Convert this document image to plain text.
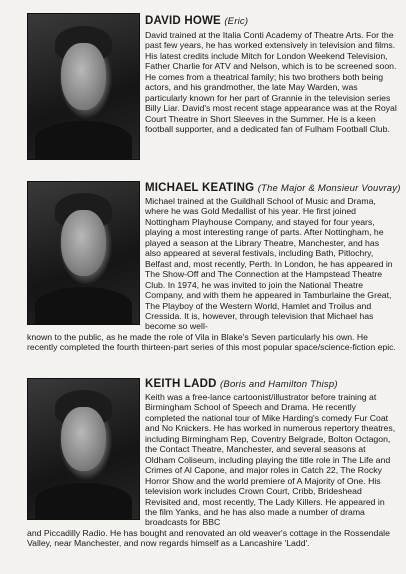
DAVID HOWE (Eric)

David trained at the Italia Conti Academy of Theatre Arts. For the past few years, he has worked extensively in television and films. His latest credits include Mitch for London Weekend Television, Father Charlie for ATV and Nelson, which is to be screened soon. He comes from a theatrical family; his two brothers both being actors, and his grandmother, the late May Warden, was particularly known for her part of Grannie in the television series Billy Liar. David's most recent stage appearance was at the Royal Court Theatre in Short Sleeves in the Summer. He is a keen football supporter, and a dedicated fan of Fulham Football Club.

MICHAEL KEATING (The Major & Monsieur Vouvray)

Michael trained at the Guildhall School of Music and Drama, where he was Gold Medallist of his year. He first joined Nottingham Playhouse Company, and stayed for four years, playing a most interesting range of parts. After Nottingham, he played a season at the Library Theatre, Manchester, and has also appeared at several festivals, including Bath, Pitlochry, Belfast and, most recently, Perth. In London, he has appeared in The Show-Off and The Connection at the Hampstead Theatre Club. In 1974, he was invited to join the National Theatre Company, and with them he appeared in Tamburlaine the Great, The Playboy of the Western World, Hamlet and Troilus and Cressida. It is, however, through television that Michael has become so well-

known to the public, as he made the role of Vila in Blake's Seven particularly his own. He recently completed the fourth thirteen-part series of this most popular space/science-fiction epic.

KEITH LADD (Boris and Hamilton Thisp)

Keith was a free-lance cartoonist/illustrator before training at Birmingham School of Speech and Drama. He recently completed the national tour of Mike Harding's comedy Fur Coat and No Knickers. He has worked in numerous repertory theatres, including Birmingham Rep, Coventry Belgrade, Bolton Octagon, the Contact Theatre, Manchester, and several seasons at Oldham Coliseum, including playing the title role in The Life and Crimes of Al Capone, and major roles in Catch 22, The Rocky Horror Show and the world premiere of A Majority of One. His television work includes Crown Court, Cribb, Brideshead Revisited and, most recently, The Lady Killers. He appeared in the film Yanks, and he has also made a number of drama broadcasts for BBC

and Piccadilly Radio. He has bought and renovated an old weaver's cottage in the Rossendale Valley, near Manchester, and now regards himself as a Lancashire 'Ladd'.
